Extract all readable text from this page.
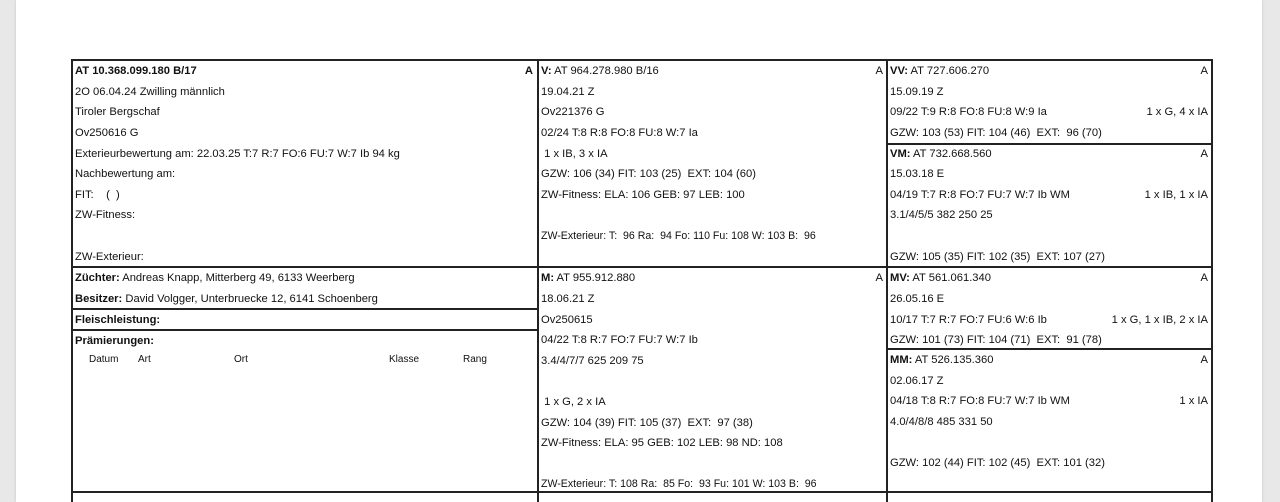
AT 10.368.099.180 B/17	A
2O 06.04.24 Zwilling männlich
Tiroler Bergschaf
Ov250616 G
Exterieurbewertung am: 22.03.25 T:7 R:7 FO:6 FU:7 W:7 Ib 94 kg
Nachbewertung am:
FIT:    (  )
ZW-Fitness:
ZW-Exterieur:
Züchter: Andreas Knapp, Mitterberg 49, 6133 Weerberg
Besitzer: David Volgger, Unterbruecke 12, 6141 Schoenberg
Fleischleistung:
Prämierungen:
Datum Art	Ort	Klasse	Rang
V: AT 964.278.980 B/16	A
19.04.21 Z
Ov221376 G
02/24 T:8 R:8 FO:8 FU:8 W:7 Ia
1 x IB, 3 x IA
GZW: 106 (34) FIT: 103 (25)  EXT: 104 (60)
ZW-Fitness: ELA: 106 GEB: 97 LEB: 100
ZW-Exterieur: T:  96 Ra:  94 Fo: 110 Fu: 108 W: 103 B:  96
VV: AT 727.606.270	A
15.09.19 Z
09/22 T:9 R:8 FO:8 FU:8 W:9 Ia	1 x G, 4 x IA
GZW: 103 (53) FIT: 104 (46)  EXT:  96 (70)
VM: AT 732.668.560	A
15.03.18 E
04/19 T:7 R:8 FO:7 FU:7 W:7 Ib WM	1 x IB, 1 x IA
3.1/4/5/5 382 250 25
GZW: 105 (35) FIT: 102 (35)  EXT: 107 (27)
M: AT 955.912.880	A
18.06.21 Z
Ov250615
04/22 T:8 R:7 FO:7 FU:7 W:7 Ib
3.4/4/7/7 625 209 75
1 x G, 2 x IA
GZW: 104 (39) FIT: 105 (37)  EXT:  97 (38)
ZW-Fitness: ELA: 95 GEB: 102 LEB: 98 ND: 108
ZW-Exterieur: T: 108 Ra:  85 Fo:  93 Fu: 101 W: 103 B:  96
MV: AT 561.061.340	A
26.05.16 E
10/17 T:7 R:7 FO:7 FU:6 W:6 Ib	1 x G, 1 x IB, 2 x IA
GZW: 101 (73) FIT: 104 (71)  EXT:  91 (78)
MM: AT 526.135.360	A
02.06.17 Z
04/18 T:8 R:7 FO:8 FU:7 W:7 Ib WM	1 x IA
4.0/4/8/8 485 331 50
GZW: 102 (44) FIT: 102 (45)  EXT: 101 (32)
